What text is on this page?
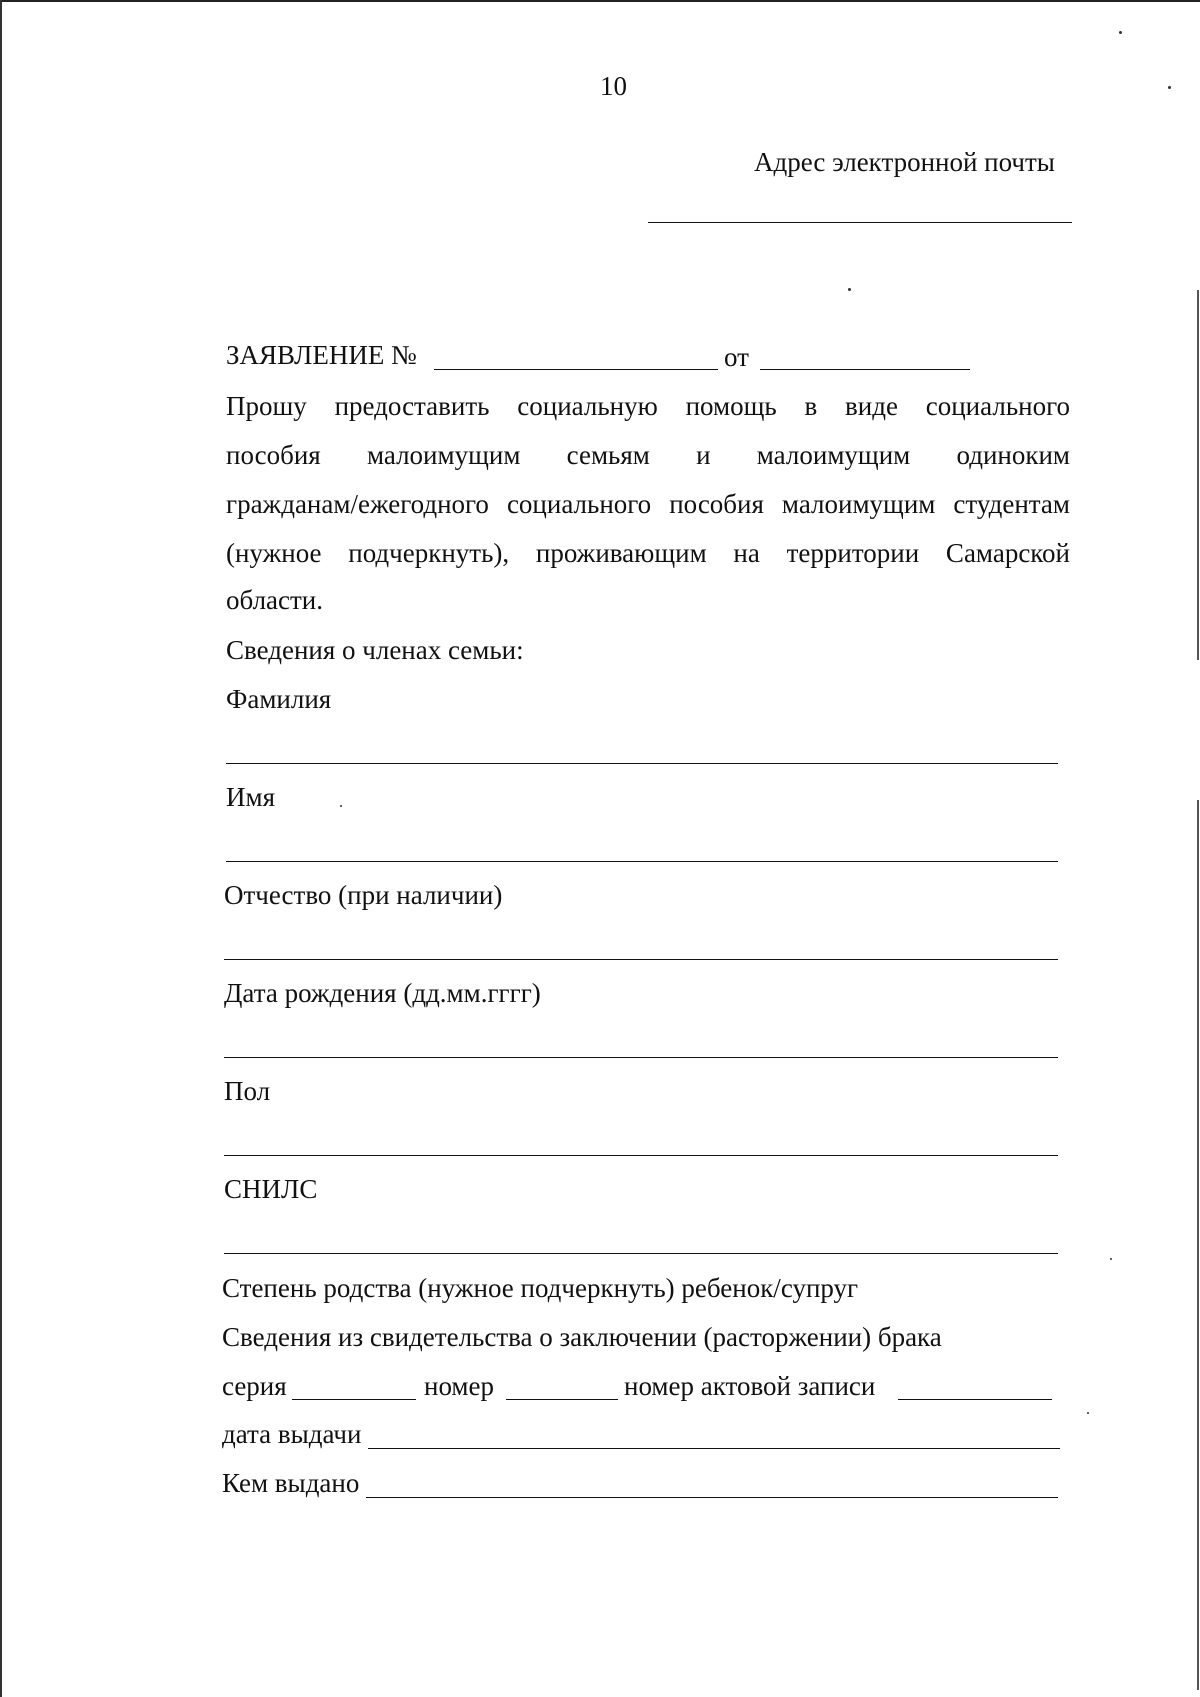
10
Адрес электронной почты
ЗАЯВЛЕНИЕ №	от
Прошу предоставить социальную помощь в виде социального
пособия малоимущим семьям и малоимущим одиноким
гражданам/ежегодного социального пособия малоимущим студентам
(нужное подчеркнуть), проживающим на территории Самарской
области.
Сведения о членах семьи:
Фамилия
Имя
Отчество (при наличии)
Дата рождения (дд.мм.гггг)
Пол
СНИЛС
Степень родства (нужное подчеркнуть) ребенок/супруг
Сведения из свидетельства о заключении (расторжении) брака
серия	номер	номер актовой записи
дата выдачи
Кем выдано
